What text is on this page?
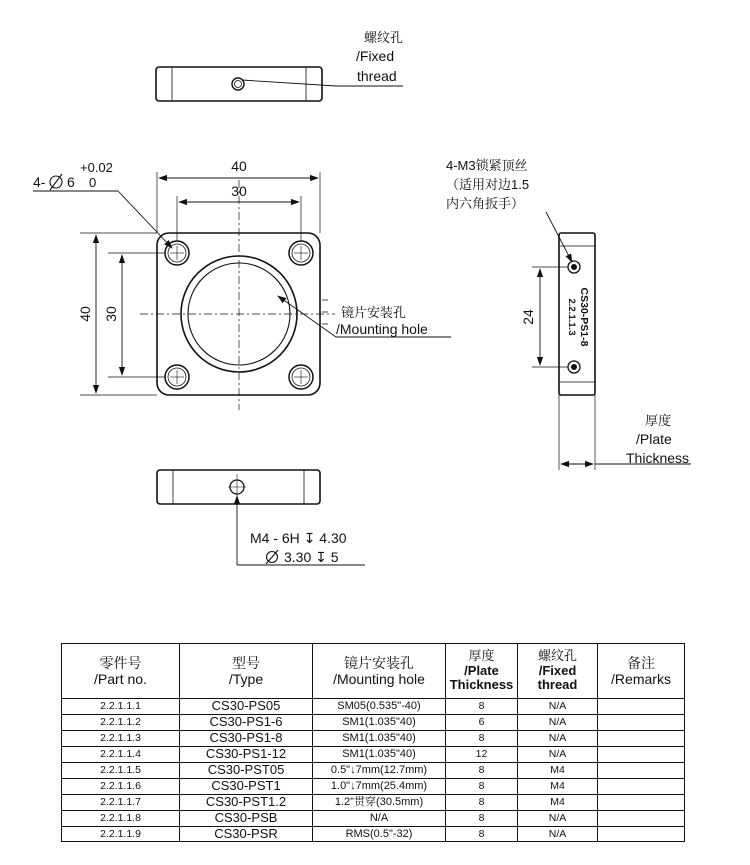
螺纹孔
/Fixed
thread
40
30
40 30
4- 6
+0.02
0
镜片安装孔
/Mounting hole	CS30-PS1-8
2.2.1.1.3
24
4-M3锁紧顶丝
（适用对边1.5
内六角扳手）
厚度
/Plate
Thickness
M4 - 6H ↧ 4.30
3.30 ↧ 5
零件号
/Part no.	型号
/Type	镜片安装孔
/Mounting hole	厚度
/Plate
Thickness	螺纹孔
/Fixed
thread	备注
/Remarks

2.2.1.1.1	CS30-PS05	SM05(0.535"-40)	8	N/A	
2.2.1.1.2	CS30-PS1-6	SM1(1.035"40)	6	N/A	
2.2.1.1.3	CS30-PS1-8	SM1(1.035"40)	8	N/A	
2.2.1.1.4	CS30-PS1-12	SM1(1.035"40)	12	N/A	
2.2.1.1.5	CS30-PST05	0.5"↓7mm(12.7mm)	8	M4	
2.2.1.1.6	CS30-PST1	1.0"↓7mm(25.4mm)	8	M4	
2.2.1.1.7	CS30-PST1.2	1.2"贯穿(30.5mm)	8	M4	
2.2.1.1.8	CS30-PSB	N/A	8	N/A	
2.2.1.1.9	CS30-PSR	RMS(0.5"-32)	8	N/A	
